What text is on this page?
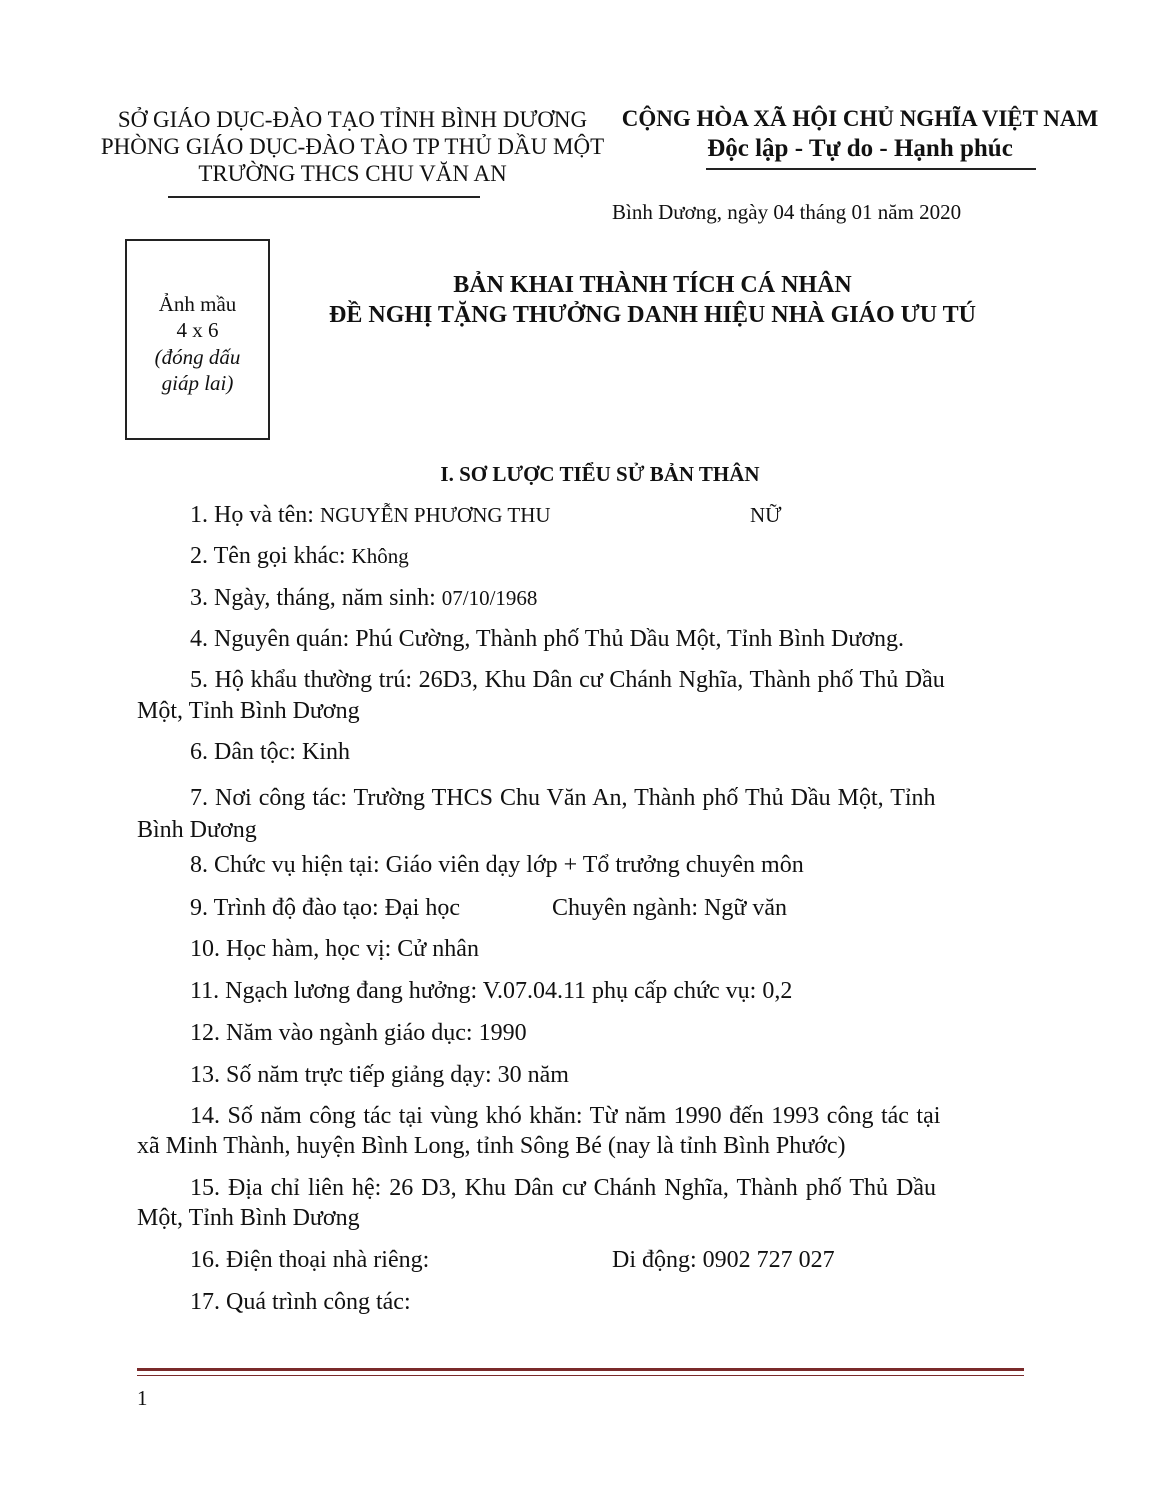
SỞ GIÁO DỤC-ĐÀO TẠO TỈNH BÌNH DƯƠNG
PHÒNG GIÁO DỤC-ĐÀO TÀO TP THỦ DẦU MỘT
TRƯỜNG THCS CHU VĂN AN
CỘNG HÒA XÃ HỘI CHỦ NGHĨA VIỆT NAM
Độc lập - Tự do - Hạnh phúc
Bình Dương, ngày 04 tháng 01 năm 2020
Ảnh mầu
4 x 6
(đóng dấu
giáp lai)
BẢN KHAI THÀNH TÍCH CÁ NHÂN
ĐỀ NGHỊ TẶNG THƯỞNG DANH HIỆU NHÀ GIÁO ƯU TÚ
I. SƠ LƯỢC TIỂU SỬ BẢN THÂN
1. Họ và tên: NGUYỄN PHƯƠNG THU	NỮ
2. Tên gọi khác: Không
3. Ngày, tháng, năm sinh: 07/10/1968
4. Nguyên quán: Phú Cường, Thành phố Thủ Dầu Một, Tỉnh Bình Dương.
5. Hộ khẩu thường trú: 26D3, Khu Dân cư Chánh Nghĩa, Thành phố Thủ Dầu
Một, Tỉnh Bình Dương
6. Dân tộc: Kinh
7. Nơi công tác: Trường THCS Chu Văn An, Thành phố Thủ Dầu Một, Tỉnh
Bình Dương
8. Chức vụ hiện tại: Giáo viên dạy lớp + Tổ trưởng chuyên môn
9. Trình độ đào tạo: Đại học	Chuyên ngành: Ngữ văn
10. Học hàm, học vị: Cử nhân
11. Ngạch lương đang hưởng: V.07.04.11 phụ cấp chức vụ: 0,2
12. Năm vào ngành giáo dục: 1990
13. Số năm trực tiếp giảng dạy: 30 năm
14. Số năm công tác tại vùng khó khăn: Từ năm 1990 đến 1993 công tác tại
xã Minh Thành, huyện Bình Long, tỉnh Sông Bé (nay là tỉnh Bình Phước)
15. Địa chỉ liên hệ: 26 D3, Khu Dân cư Chánh Nghĩa, Thành phố Thủ Dầu
Một, Tỉnh Bình Dương
16. Điện thoại nhà riêng:	Di động: 0902 727 027
17. Quá trình công tác:
1
